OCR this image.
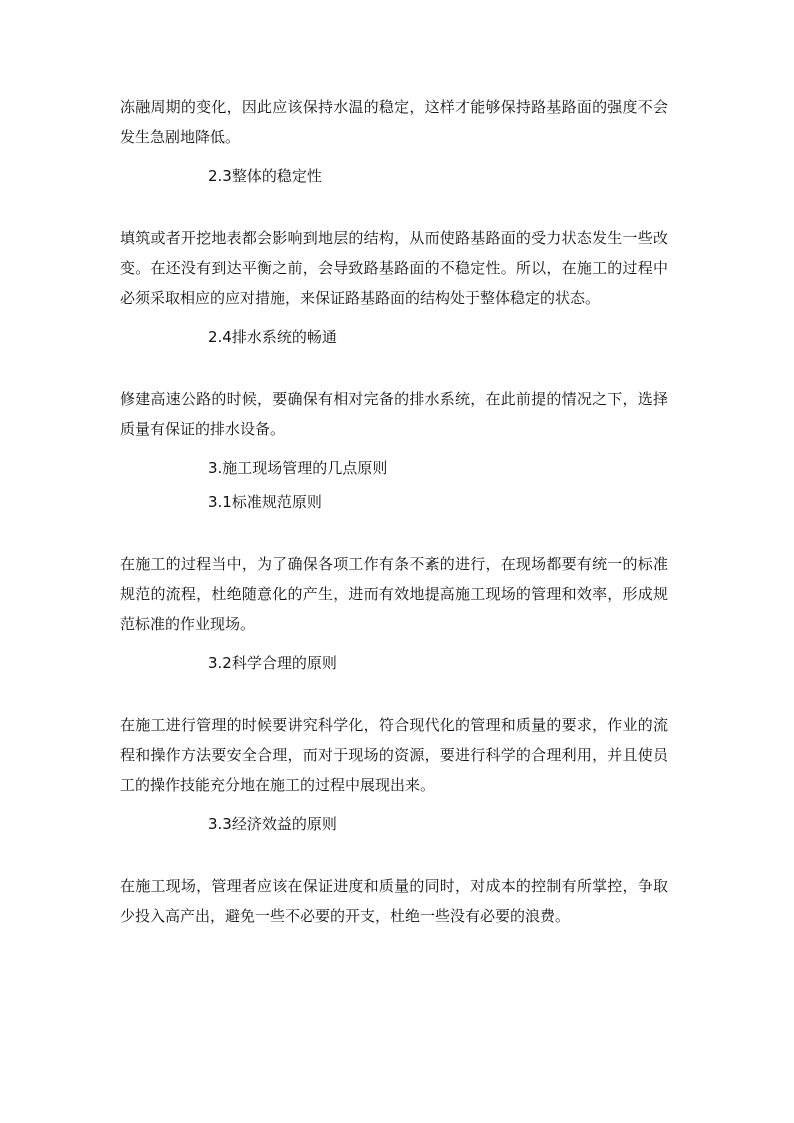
冻融周期的变化，因此应该保持水温的稳定，这样才能够保持路基路面的强度不会发生急剧地降低。

2.3整体的稳定性

填筑或者开挖地表都会影响到地层的结构，从而使路基路面的受力状态发生一些改变。在还没有到达平衡之前，会导致路基路面的不稳定性。所以，在施工的过程中必须采取相应的应对措施，来保证路基路面的结构处于整体稳定的状态。

2.4排水系统的畅通

修建高速公路的时候，要确保有相对完备的排水系统，在此前提的情况之下，选择质量有保证的排水设备。

3.施工现场管理的几点原则

3.1标准规范原则

在施工的过程当中，为了确保各项工作有条不紊的进行，在现场都要有统一的标准规范的流程，杜绝随意化的产生，进而有效地提高施工现场的管理和效率，形成规范标准的作业现场。

3.2科学合理的原则

在施工进行管理的时候要讲究科学化，符合现代化的管理和质量的要求，作业的流程和操作方法要安全合理，而对于现场的资源，要进行科学的合理利用，并且使员工的操作技能充分地在施工的过程中展现出来。

3.3经济效益的原则

在施工现场，管理者应该在保证进度和质量的同时，对成本的控制有所掌控，争取少投入高产出，避免一些不必要的开支，杜绝一些没有必要的浪费。
